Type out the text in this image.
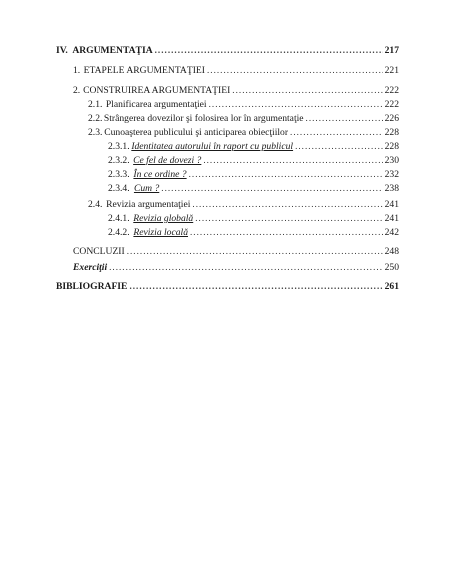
IV. ARGUMENTAŢIA . . .	217
1. ETAPELE ARGUMENTAŢIEI . . .	221
2. CONSTRUIREA ARGUMENTAŢIEI . . .	222
2.1. Planificarea argumentaţiei . . .	222
2.2. Strângerea dovezilor şi folosirea lor în argumentaţie . . .	226
2.3. Cunoaşterea publicului şi anticiparea obiecţiilor . . .	228
2.3.1. Identitatea autorului în raport cu publicul . . .	228
2.3.2. Ce fel de dovezi ? . . .	230
2.3.3. În ce ordine ? . . .	232
2.3.4. Cum ? . . .	238
2.4. Revizia argumentaţiei . . .	241
2.4.1. Revizia globală . . .	241
2.4.2. Revizia locală . . .	242
CONCLUZII . . .	248
Exerciţii . . .	250
BIBLIOGRAFIE . . .	261
